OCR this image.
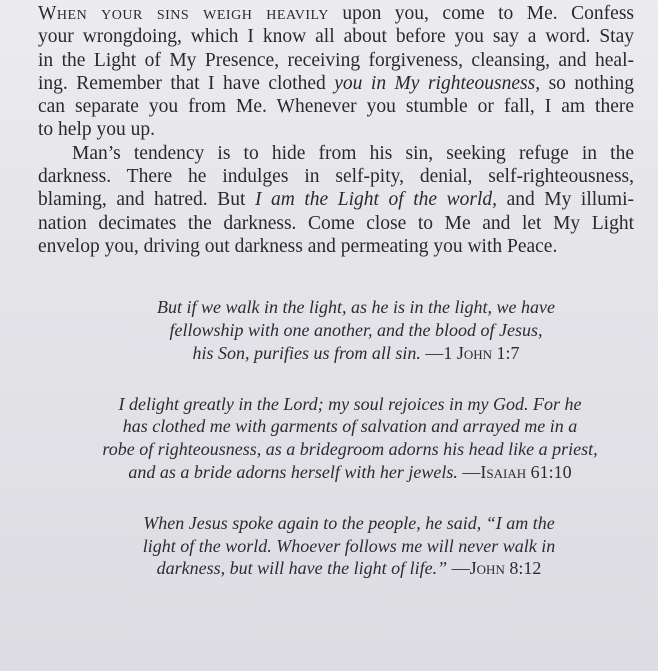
When your sins weigh heavily upon you, come to Me. Confess
your wrongdoing, which I know all about before you say a word. Stay
in the Light of My Presence, receiving forgiveness, cleansing, and heal-
ing. Remember that I have clothed you in My righteousness, so nothing
can separate you from Me. Whenever you stumble or fall, I am there
to help you up.
Man’s tendency is to hide from his sin, seeking refuge in the
darkness. There he indulges in self-pity, denial, self-righteousness,
blaming, and hatred. But I am the Light of the world, and My illumi-
nation decimates the darkness. Come close to Me and let My Light
envelop you, driving out darkness and permeating you with Peace.
But if we walk in the light, as he is in the light, we have
fellowship with one another, and the blood of Jesus,
his Son, purifies us from all sin. —1 John 1:7
I delight greatly in the Lord; my soul rejoices in my God. For he
has clothed me with garments of salvation and arrayed me in a
robe of righteousness, as a bridegroom adorns his head like a priest,
and as a bride adorns herself with her jewels. —Isaiah 61:10
When Jesus spoke again to the people, he said, “I am the
light of the world. Whoever follows me will never walk in
darkness, but will have the light of life.” —John 8:12
